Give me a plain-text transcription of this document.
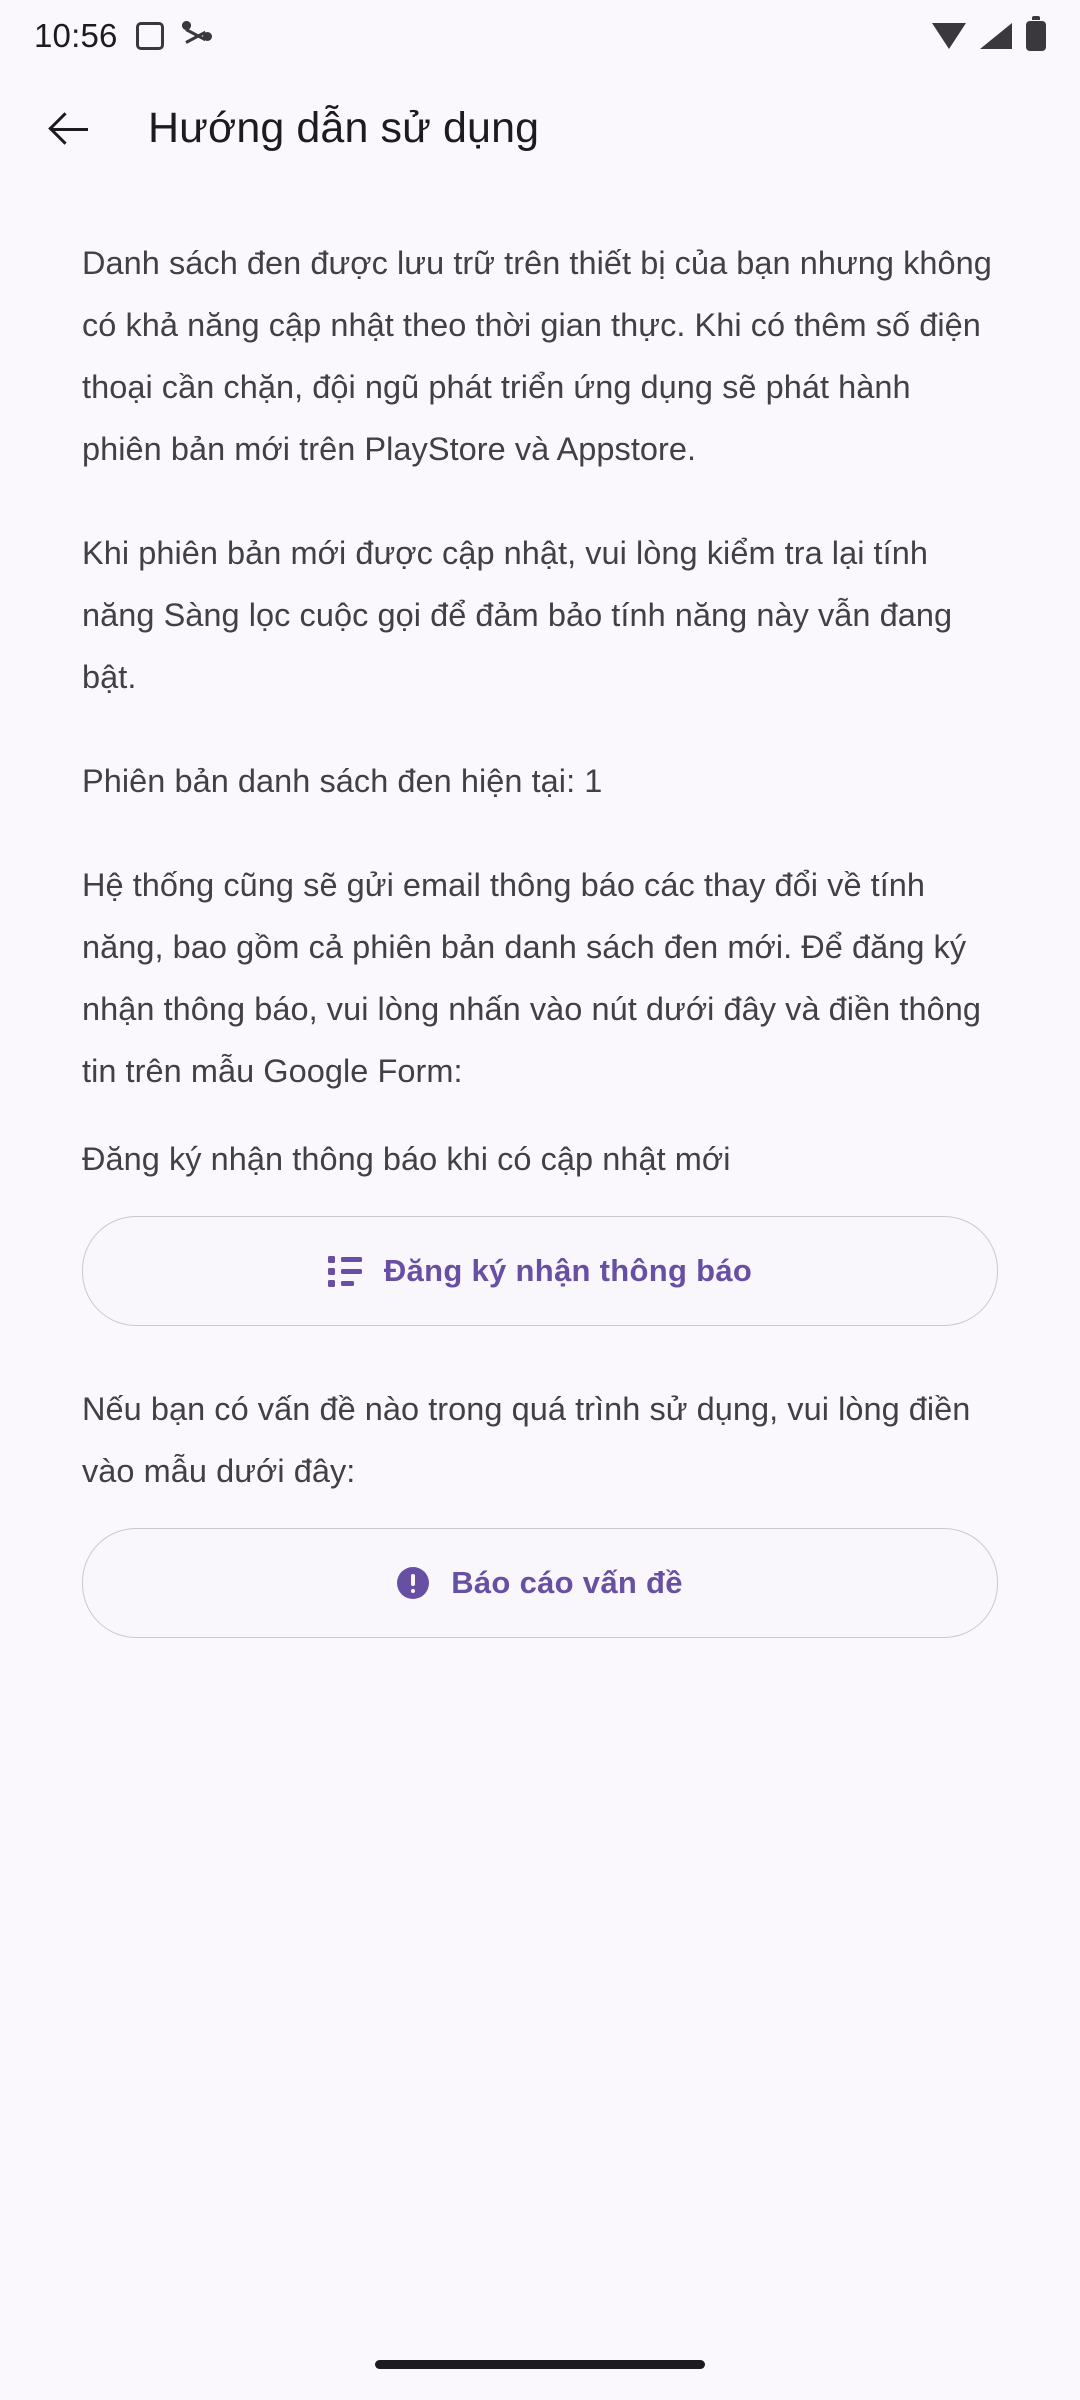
10:56
Hướng dẫn sử dụng

Danh sách đen được lưu trữ trên thiết bị của bạn nhưng không có khả năng cập nhật theo thời gian thực. Khi có thêm số điện thoại cần chặn, đội ngũ phát triển ứng dụng sẽ phát hành phiên bản mới trên PlayStore và Appstore.

Khi phiên bản mới được cập nhật, vui lòng kiểm tra lại tính năng Sàng lọc cuộc gọi để đảm bảo tính năng này vẫn đang bật.

Phiên bản danh sách đen hiện tại: 1

Hệ thống cũng sẽ gửi email thông báo các thay đổi về tính năng, bao gồm cả phiên bản danh sách đen mới. Để đăng ký nhận thông báo, vui lòng nhấn vào nút dưới đây và điền thông tin trên mẫu Google Form:

Đăng ký nhận thông báo khi có cập nhật mới

Đăng ký nhận thông báo

Nếu bạn có vấn đề nào trong quá trình sử dụng, vui lòng điền vào mẫu dưới đây:

Báo cáo vấn đề
